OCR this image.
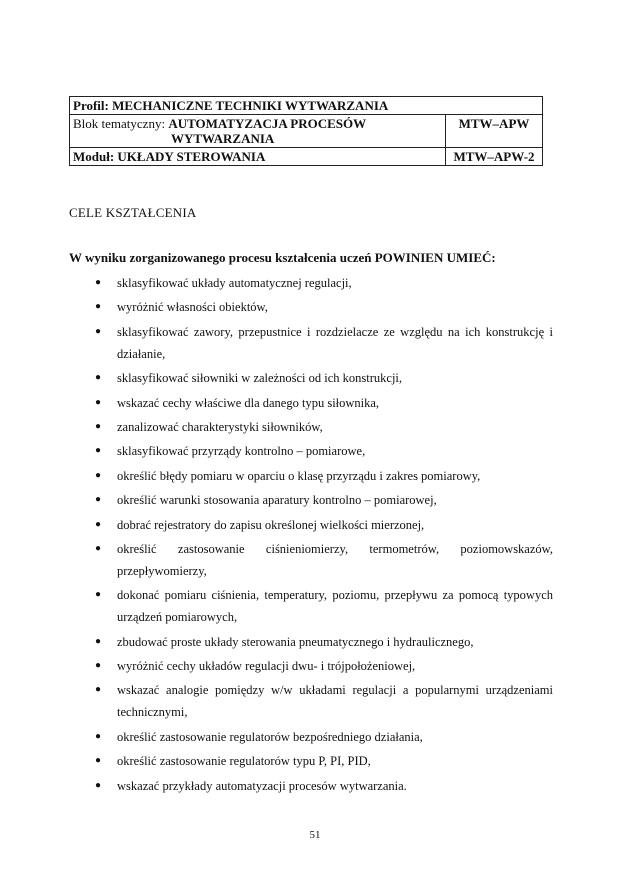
Profil: MECHANICZNE TECHNIKI WYTWARZANIA	
Blok tematyczny: AUTOMATYZACJA PROCESÓW
WYTWARZANIA	MTW–APW
Moduł: UKŁADY STEROWANIA	MTW–APW-2
CELE KSZTAŁCENIA
W wyniku zorganizowanego procesu kształcenia uczeń POWINIEN UMIEĆ:
● sklasyfikować układy automatycznej regulacji,
● wyróżnić własności obiektów,
● sklasyfikować zawory, przepustnice i rozdzielacze ze względu na ich konstrukcję i działanie,
● sklasyfikować siłowniki w zależności od ich konstrukcji,
● wskazać cechy właściwe dla danego typu siłownika,
● zanalizować charakterystyki siłowników,
● sklasyfikować przyrządy kontrolno – pomiarowe,
● określić błędy pomiaru w oparciu o klasę przyrządu i zakres pomiarowy,
● określić warunki stosowania aparatury kontrolno – pomiarowej,
● dobrać rejestratory do zapisu określonej wielkości mierzonej,
● określić zastosowanie ciśnieniomierzy, termometrów, poziomowskazów, przepływomierzy,
● dokonać pomiaru ciśnienia, temperatury, poziomu, przepływu za pomocą typowych urządzeń pomiarowych,
● zbudować proste układy sterowania pneumatycznego i hydraulicznego,
● wyróżnić cechy układów regulacji dwu- i trójpołożeniowej,
● wskazać analogie pomiędzy w/w układami regulacji a popularnymi urządzeniami technicznymi,
● określić zastosowanie regulatorów bezpośredniego działania,
● określić zastosowanie regulatorów typu P, PI, PID,
● wskazać przykłady automatyzacji procesów wytwarzania.
51
